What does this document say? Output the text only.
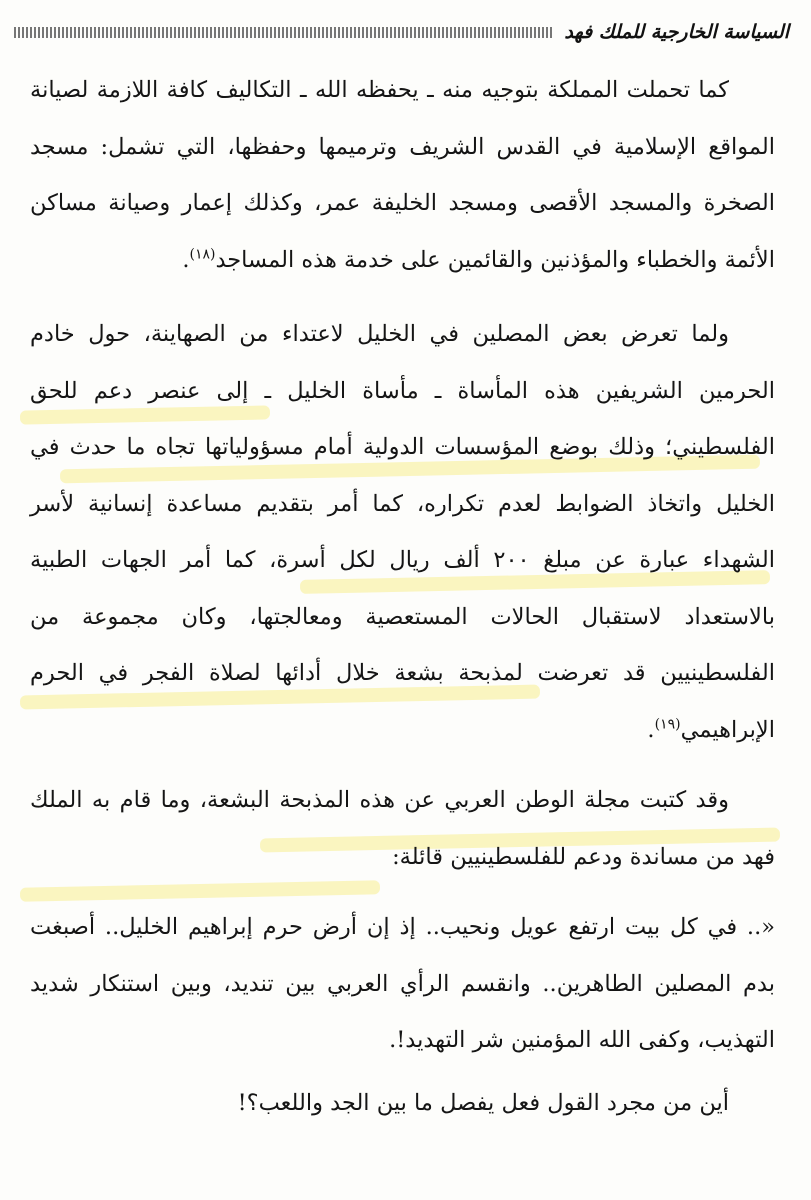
السياسة الخارجية للملك فهد

كما تحملت المملكة بتوجيه منه ـ يحفظه الله ـ التكاليف كافة اللازمة لصيانة المواقع الإسلامية في القدس الشريف وترميمها وحفظها، التي تشمل: مسجد الصخرة والمسجد الأقصى ومسجد الخليفة عمر، وكذلك إعمار وصيانة مساكن الأئمة والخطباء والمؤذنين والقائمين على خدمة هذه المساجد$^{(١٨)}$.

ولما تعرض بعض المصلين في الخليل لاعتداء من الصهاينة، حول خادم الحرمين الشريفين هذه المأساة ـ مأساة الخليل ـ إلى عنصر دعم للحق الفلسطيني؛ وذلك بوضع المؤسسات الدولية أمام مسؤولياتها تجاه ما حدث في الخليل واتخاذ الضوابط لعدم تكراره، كما أمر بتقديم مساعدة إنسانية لأسر الشهداء عبارة عن مبلغ ٢٠٠ ألف ريال لكل أسرة، كما أمر الجهات الطبية بالاستعداد لاستقبال الحالات المستعصية ومعالجتها، وكان مجموعة من الفلسطينيين قد تعرضت لمذبحة بشعة خلال أدائها لصلاة الفجر في الحرم الإبراهيمي$^{(١٩)}$.

وقد كتبت مجلة الوطن العربي عن هذه المذبحة البشعة، وما قام به الملك فهد من مساندة ودعم للفلسطينيين قائلة:

«.. في كل بيت ارتفع عويل ونحيب.. إذ إن أرض حرم إبراهيم الخليل.. أصبغت بدم المصلين الطاهرين.. وانقسم الرأي العربي بين تنديد، وبين استنكار شديد التهذيب، وكفى الله المؤمنين شر التهديد!.

أين من مجرد القول فعل يفصل ما بين الجد واللعب؟!
